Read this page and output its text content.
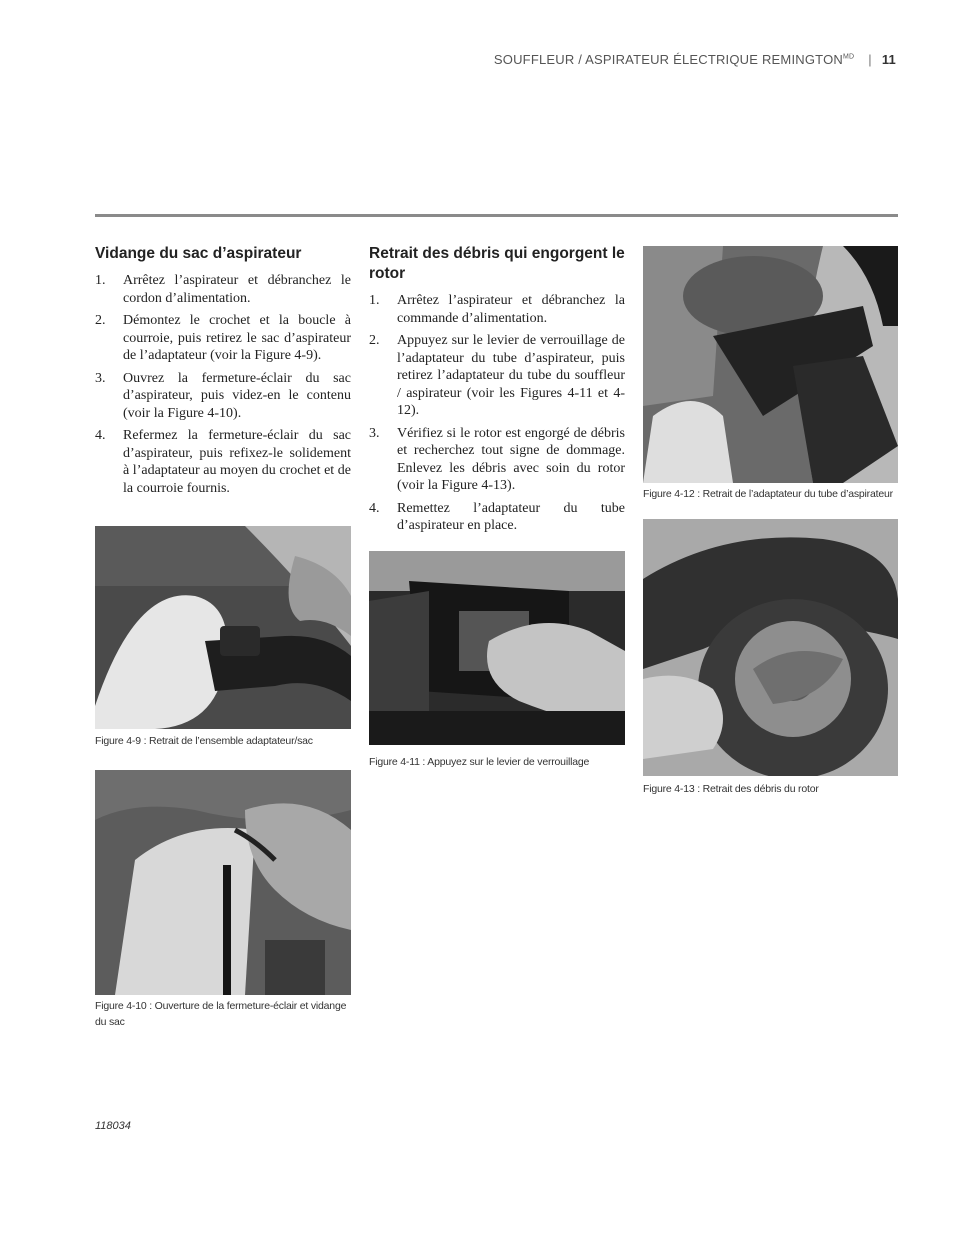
SOUFFLEUR / ASPIRATEUR ÉLECTRIQUE $REMINGTON^{MD}$ | 11
Vidange du sac d’aspirateur
1. Arrêtez l’aspirateur et débranchez le cordon d’alimentation.
2. Démontez le crochet et la boucle à courroie, puis retirez le sac d’aspirateur de l’adaptateur (voir la Figure 4-9).
3. Ouvrez la fermeture-éclair du sac d’aspirateur, puis videz-en le contenu (voir la Figure 4-10).
4. Refermez la fermeture-éclair du sac d’aspirateur, puis refixez-le solidement à l’adaptateur au moyen du crochet et de la courroie fournis.
Retrait des débris qui engorgent le rotor
1. Arrêtez l’aspirateur et débranchez la commande d’alimentation.
2. Appuyez sur le levier de verrouillage de l’adaptateur du tube d’aspirateur, puis retirez l’adaptateur du tube du souffleur / aspirateur (voir les Figures 4-11 et 4-12).
3. Vérifiez si le rotor est engorgé de débris et recherchez tout signe de dommage. Enlevez les débris avec soin du rotor (voir la Figure 4-13).
4. Remettez l’adaptateur du tube d’aspirateur en place.
Figure 4-9 : Retrait de l’ensemble adaptateur/sac
Figure 4-10 : Ouverture de la fermeture-éclair et vidange du sac
Figure 4-11 : Appuyez sur le levier de verrouillage
Figure 4-12 : Retrait de l’adaptateur du tube d’aspirateur
Figure 4-13 : Retrait des débris du rotor
118034
